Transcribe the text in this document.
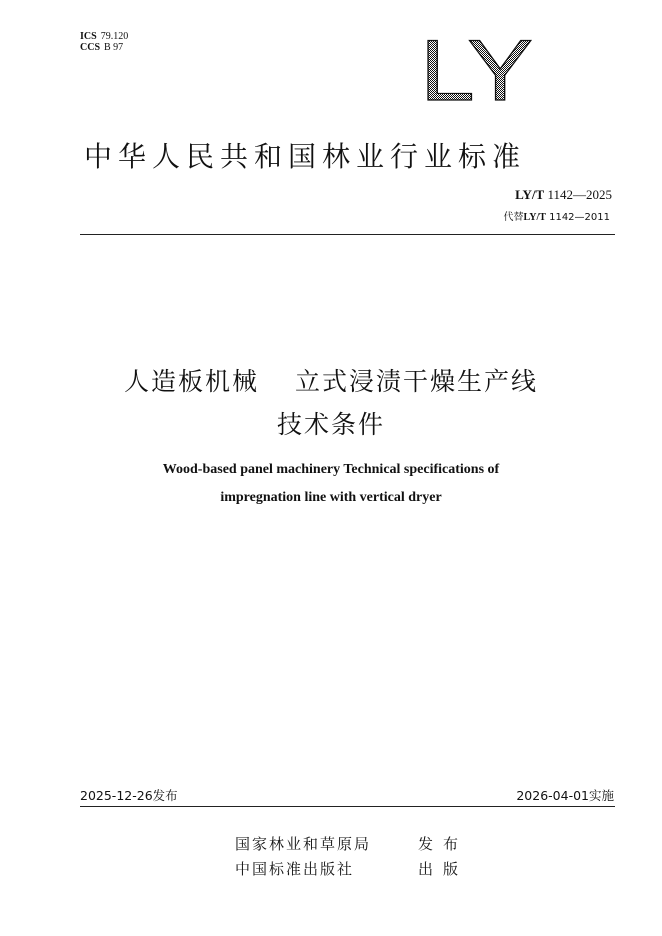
ICS 79.120
CCS B 97	LY
中华人民共和国林业行业标准
LY/T 1142—2025
代替LY/T 1142—2011
人造板机械 立式浸渍干燥生产线
技术条件
Wood-based panel machinery Technical specifications of
impregnation line with vertical dryer
2025-12-26发布	2026-04-01实施
国家林业和草原局	发布
中国标准出版社	出版
